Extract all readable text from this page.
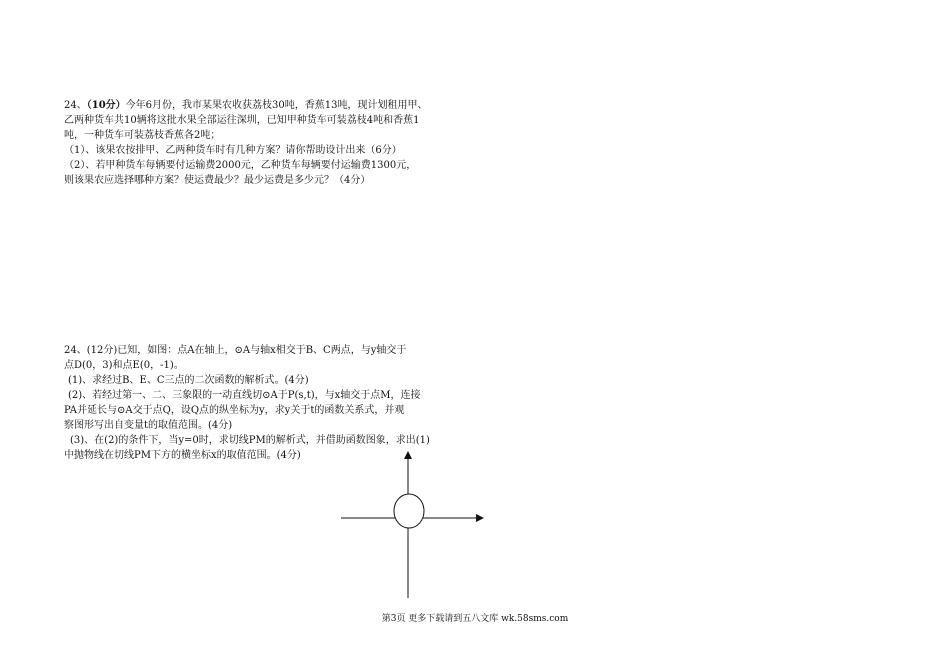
24、（10分）今年6月份，我市某果农收获荔枝30吨，香蕉13吨，现计划租用甲、

乙两种货车共10辆将这批水果全部运往深圳，已知甲种货车可装荔枝4吨和香蕉1

吨，一种货车可装荔枝香蕉各2吨；

（1）、该果农按排甲、乙两种货车时有几种方案？请你帮助设计出来（6分）

（2）、若甲种货车每辆要付运输费2000元，乙种货车每辆要付运输费1300元，

则该果农应选择哪种方案？使运费最少？最少运费是多少元？（4分）

24、(12分)已知，如图：点A在轴上，⊙A与轴x相交于B、C两点，与y轴交于

点D(0，3)和点E(0，-1)。

(1)、求经过B、E、C三点的二次函数的解析式。(4分)

(2)、若经过第一、二、三象限的一动直线切⊙A于P(s,t)，与x轴交于点M，连接

PA并延长与⊙A交于点Q，设Q点的纵坐标为y，求y关于t的函数关系式，并观

察图形写出自变量t的取值范围。(4分)

(3)、在(2)的条件下，当y=0时，求切线PM的解析式，并借助函数图象，求出(1)

中抛物线在切线PM下方的横坐标x的取值范围。(4分)

第3页 更多下载请到五八文库 wk.58sms.com
